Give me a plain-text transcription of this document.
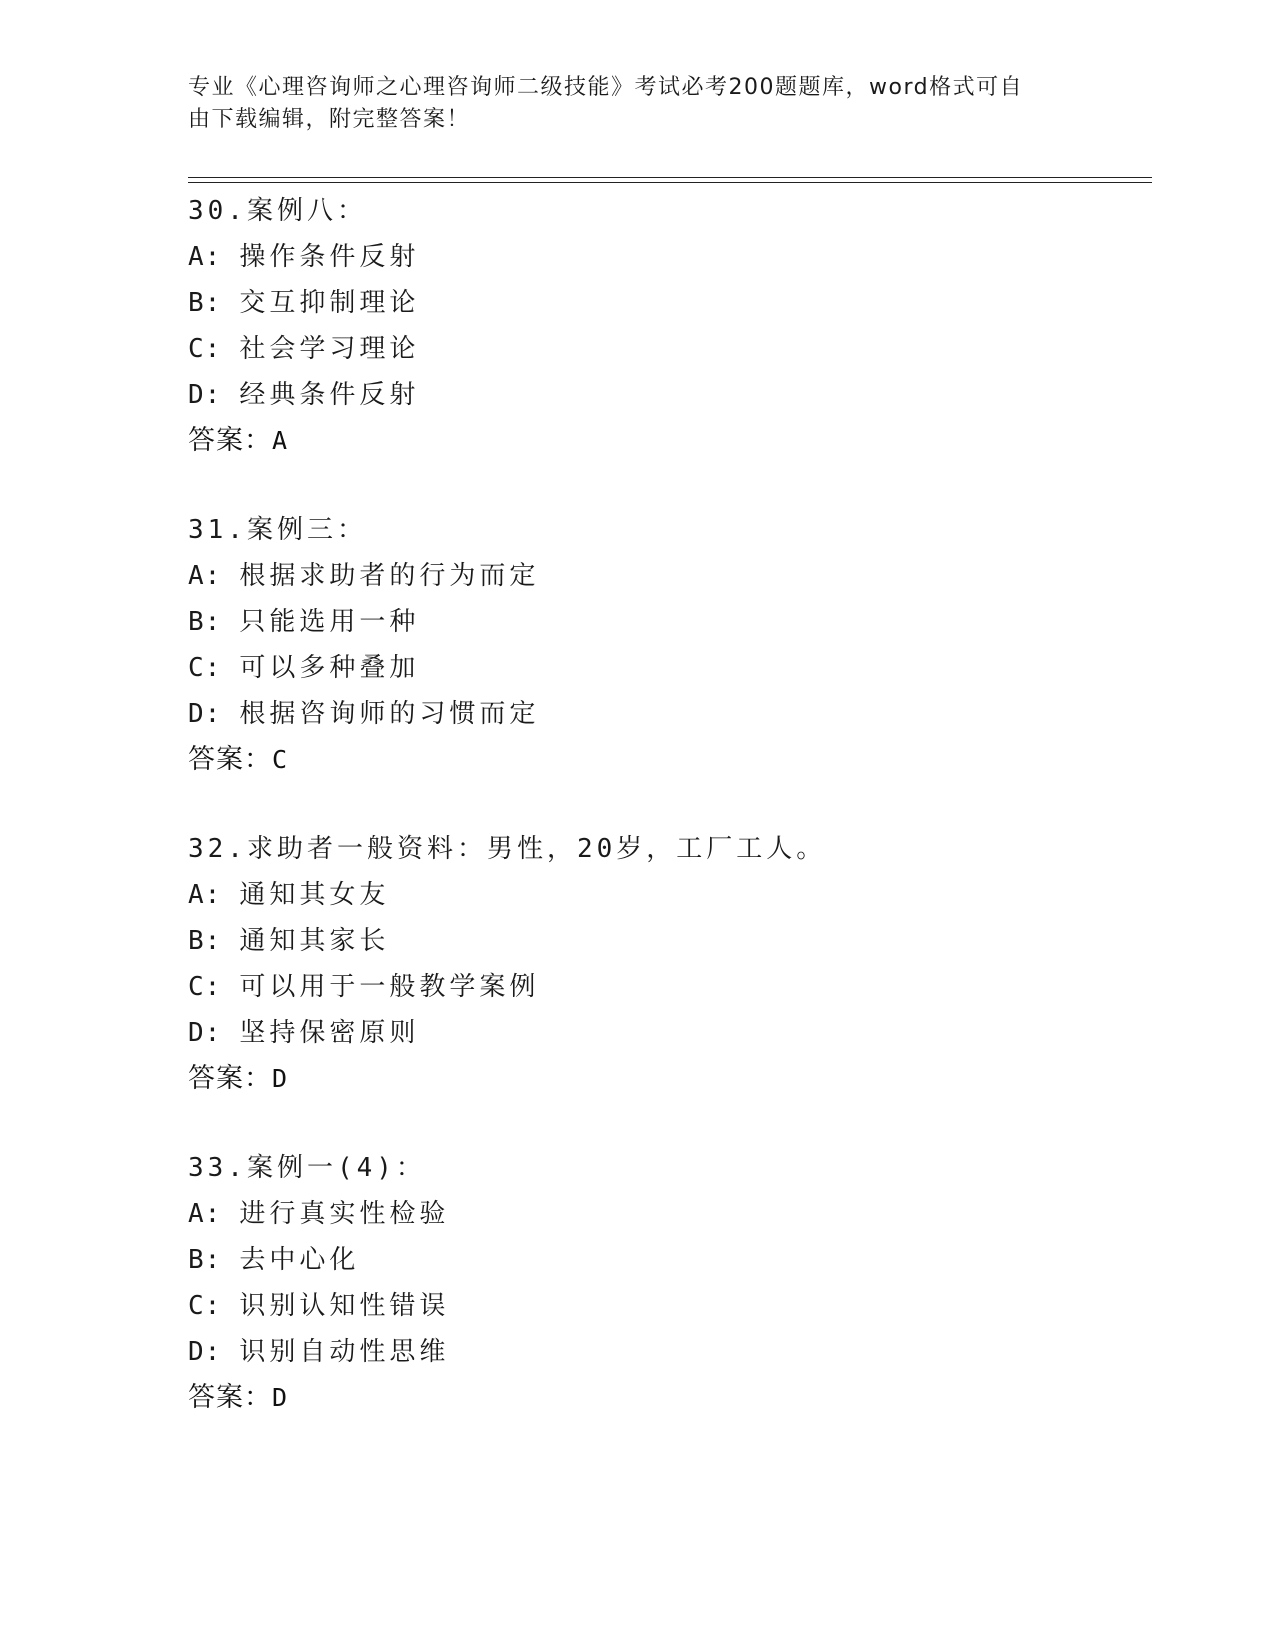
专业《心理咨询师之心理咨询师二级技能》考试必考200题题库，word格式可自
由下载编辑，附完整答案！
30.案例八：
A: 操作条件反射
B: 交互抑制理论
C: 社会学习理论
D: 经典条件反射
答案：A
31.案例三：
A: 根据求助者的行为而定
B: 只能选用一种
C: 可以多种叠加
D: 根据咨询师的习惯而定
答案：C
32.求助者一般资料：男性，20岁，工厂工人。
A: 通知其女友
B: 通知其家长
C: 可以用于一般教学案例
D: 坚持保密原则
答案：D
33.案例一(4)：
A: 进行真实性检验
B: 去中心化
C: 识别认知性错误
D: 识别自动性思维
答案：D
